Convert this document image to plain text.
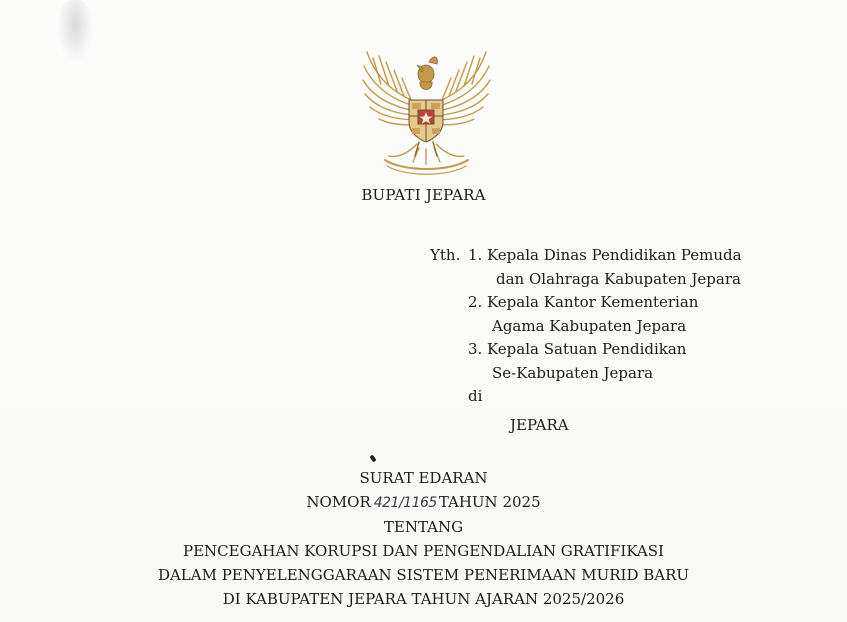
BUPATI JEPARA
Yth. 1. Kepala Dinas Pendidikan Pemuda
dan Olahraga Kabupaten Jepara
2. Kepala Kantor Kementerian
Agama Kabupaten Jepara
3. Kepala Satuan Pendidikan
Se-Kabupaten Jepara
di
JEPARA
SURAT EDARAN
NOMOR 421/1165 TAHUN 2025
TENTANG
PENCEGAHAN KORUPSI DAN PENGENDALIAN GRATIFIKASI
DALAM PENYELENGGARAAN SISTEM PENERIMAAN MURID BARU
DI KABUPATEN JEPARA TAHUN AJARAN 2025/2026
